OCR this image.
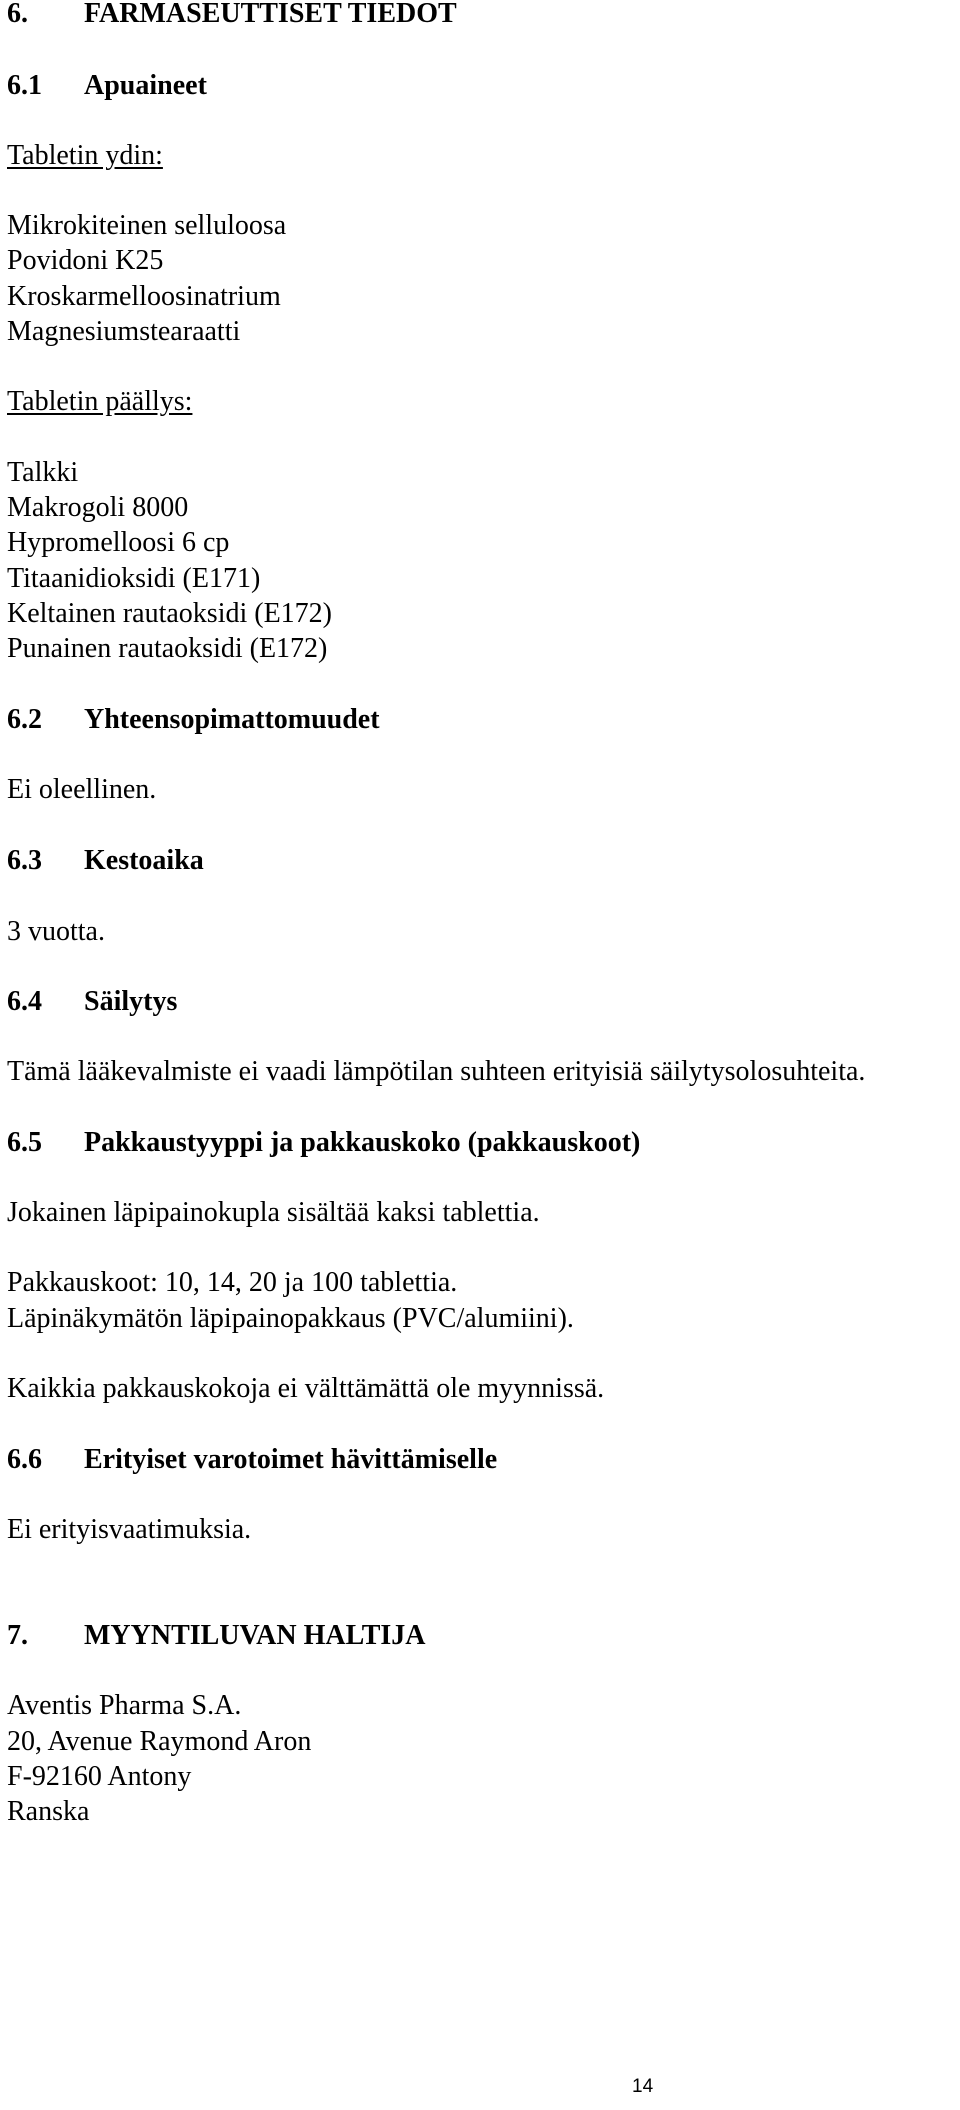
6. FARMASEUTTISET TIEDOT
6.1 Apuaineet
Tabletin ydin:
Mikrokiteinen selluloosa
Povidoni K25
Kroskarmelloosinatrium
Magnesiumstearaatti
Tabletin päällys:
Talkki
Makrogoli 8000
Hypromelloosi 6 cp
Titaanidioksidi (E171)
Keltainen rautaoksidi (E172)
Punainen rautaoksidi (E172)
6.2 Yhteensopimattomuudet
Ei oleellinen.
6.3 Kestoaika
3 vuotta.
6.4 Säilytys
Tämä lääkevalmiste ei vaadi lämpötilan suhteen erityisiä säilytysolosuhteita.
6.5 Pakkaustyyppi ja pakkauskoko (pakkauskoot)
Jokainen läpipainokupla sisältää kaksi tablettia.
Pakkauskoot: 10, 14, 20 ja 100 tablettia.
Läpinäkymätön läpipainopakkaus (PVC/alumiini).
Kaikkia pakkauskokoja ei välttämättä ole myynnissä.
6.6 Erityiset varotoimet hävittämiselle
Ei erityisvaatimuksia.
7. MYYNTILUVAN HALTIJA
Aventis Pharma S.A.
20, Avenue Raymond Aron
F-92160 Antony
Ranska
14
